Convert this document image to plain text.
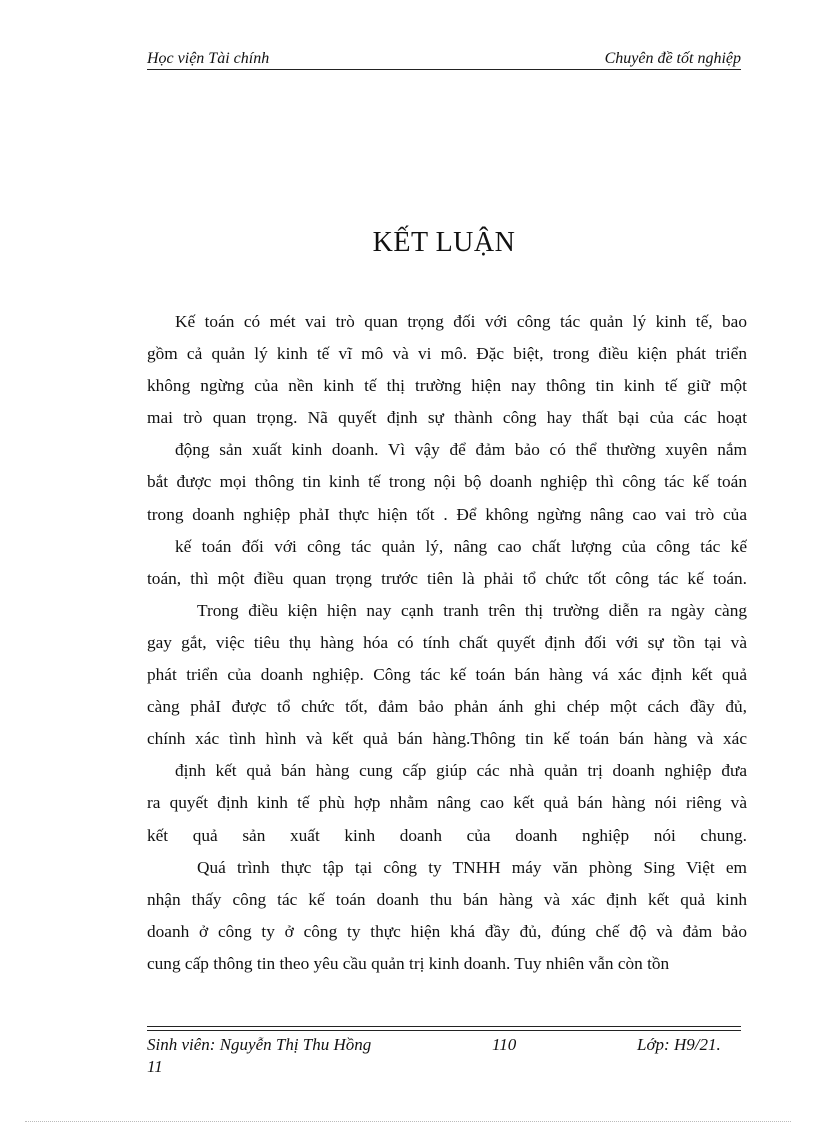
Học viện Tài chính	Chuyên đề tốt nghiệp
KẾT LUẬN
Kế toán có mét vai trò quan trọng đối với công tác quản lý kinh tế, bao
gồm cả quản lý kinh tế vĩ mô và vi mô. Đặc biệt, trong điều kiện phát triển
không ngừng của nền kinh tế thị trường hiện nay thông tin kinh tế giữ một
mai trò quan trọng. Nã quyết định sự thành công hay thất bại của các hoạt
động sản xuất kinh doanh. Vì vậy để đảm bảo có thể thường xuyên nắm
bắt được mọi thông tin kinh tế trong nội bộ doanh nghiệp thì công tác kế toán
trong doanh nghiệp phảI thực hiện tốt . Để không ngừng nâng cao vai trò của
kế toán đối với công tác quản lý, nâng cao chất lượng của công tác kế
toán, thì một điều quan trọng trước tiên là phải tổ chức tốt công tác kế toán.
Trong điều kiện hiện nay cạnh tranh trên thị trường diễn ra ngày càng
gay gắt, việc tiêu thụ hàng hóa có tính chất quyết định đối với sự tồn tại và
phát triển của doanh nghiệp. Công tác kế toán bán hàng vá xác định kết quả
càng phảI được tổ chức tốt, đảm bảo phản ánh ghi chép một cách đầy đủ,
chính xác tình hình và kết quả bán hàng.Thông tin kế toán bán hàng và xác
định kết quả bán hàng cung cấp giúp các nhà quản trị doanh nghiệp đưa
ra quyết định kinh tế phù hợp nhằm nâng cao kết quả bán hàng nói riêng và
kết quả sản xuất kinh doanh của doanh nghiệp nói chung.
Quá trình thực tập tại công ty TNHH máy văn phòng Sing Việt em
nhận thấy công tác kế toán doanh thu bán hàng và xác định kết quả kinh
doanh ở công ty ở công ty thực hiện khá đầy đủ, đúng chế độ và đảm bảo
cung cấp thông tin theo yêu cầu quản trị kinh doanh. Tuy nhiên vẫn còn tồn
Sinh viên: Nguyễn Thị Thu Hồng	110	Lớp: H9/21.
11
